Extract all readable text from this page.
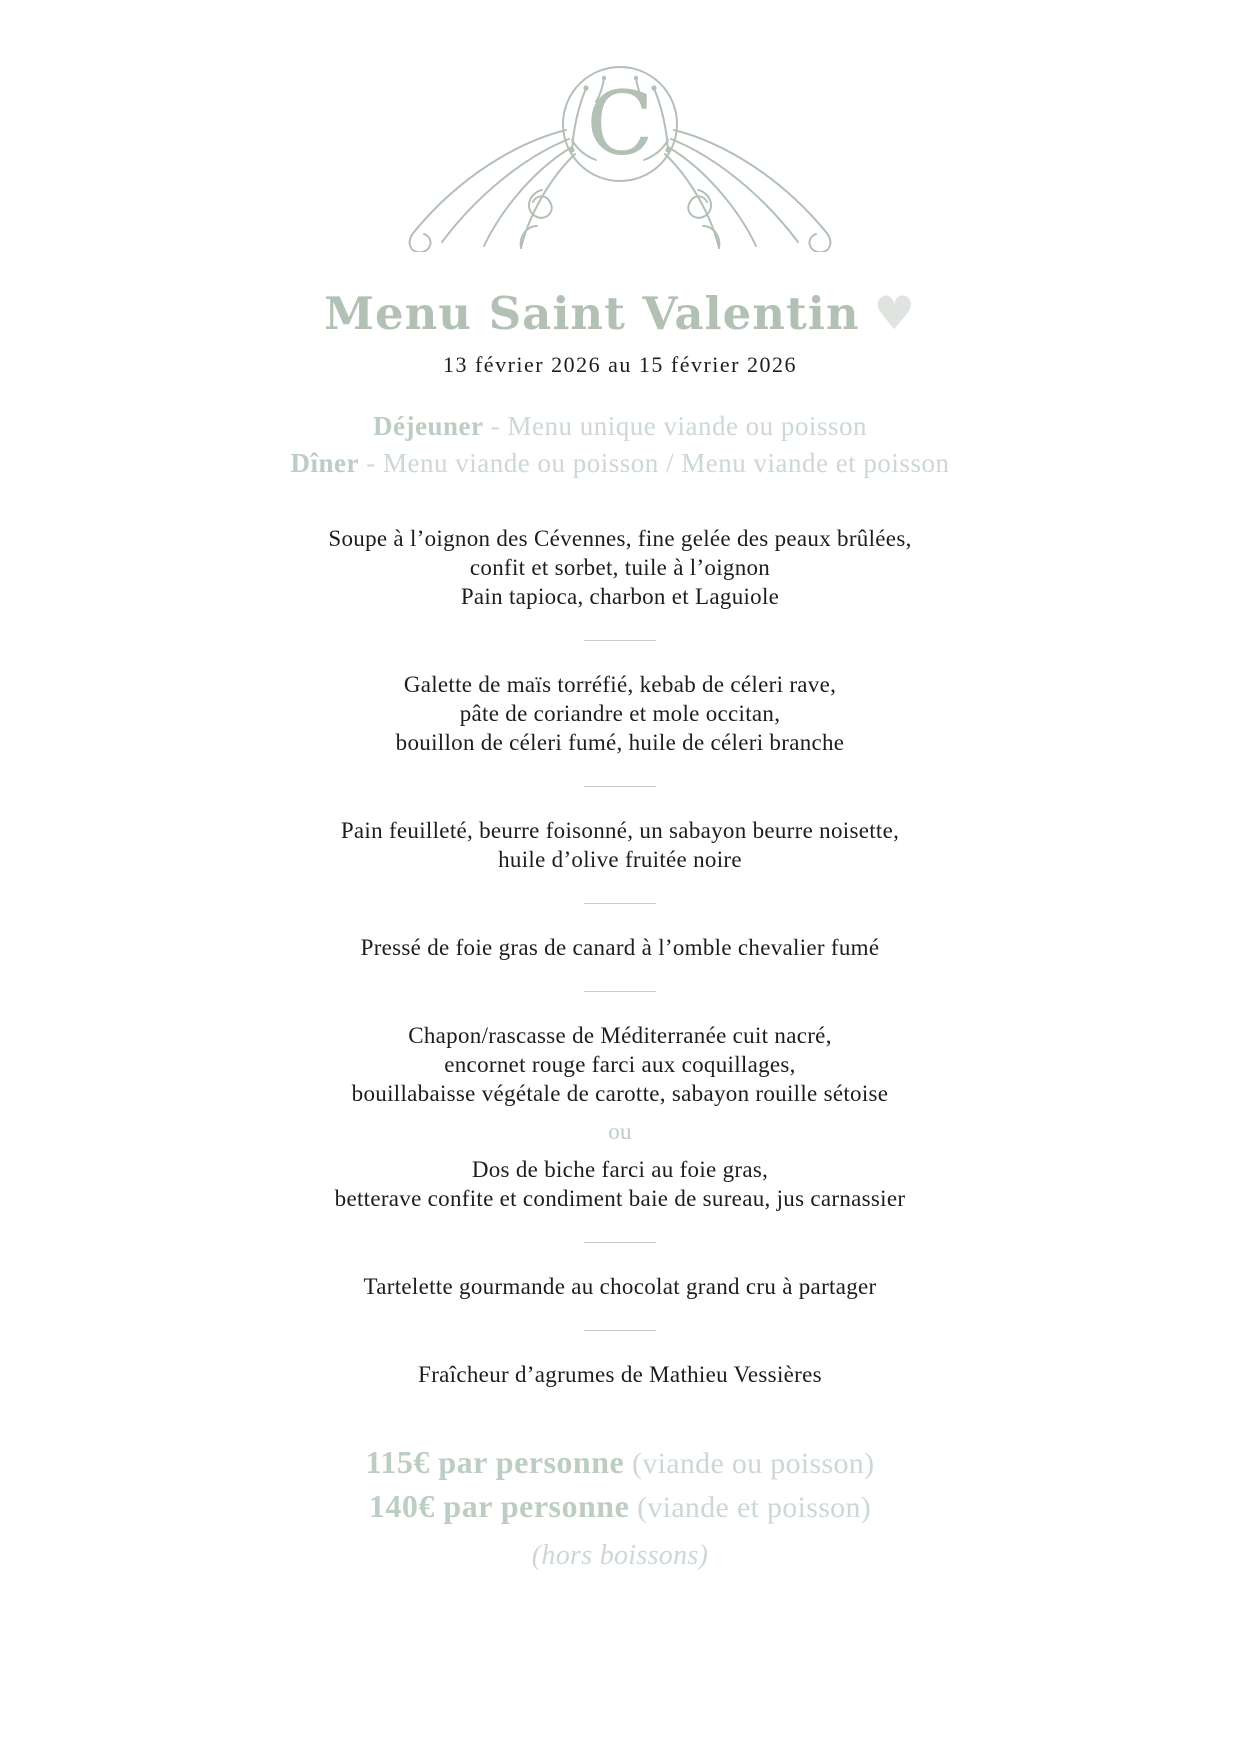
C
Menu Saint Valentin ♥
13 février 2026 au 15 février 2026
Déjeuner - Menu unique viande ou poisson
Dîner - Menu viande ou poisson / Menu viande et poisson

Soupe à l’oignon des Cévennes, fine gelée des peaux brûlées,
confit et sorbet, tuile à l’oignon
Pain tapioca, charbon et Laguiole

Galette de maïs torréfié, kebab de céleri rave,
pâte de coriandre et mole occitan,
bouillon de céleri fumé, huile de céleri branche

Pain feuilleté, beurre foisonné, un sabayon beurre noisette,
huile d’olive fruitée noire

Pressé de foie gras de canard à l’omble chevalier fumé

Chapon/rascasse de Méditerranée cuit nacré,
encornet rouge farci aux coquillages,
bouillabaisse végétale de carotte, sabayon rouille sétoise

ou

Dos de biche farci au foie gras,
betterave confite et condiment baie de sureau, jus carnassier

Tartelette gourmande au chocolat grand cru à partager

Fraîcheur d’agrumes de Mathieu Vessières

115€ par personne (viande ou poisson)
140€ par personne (viande et poisson)
(hors boissons)
